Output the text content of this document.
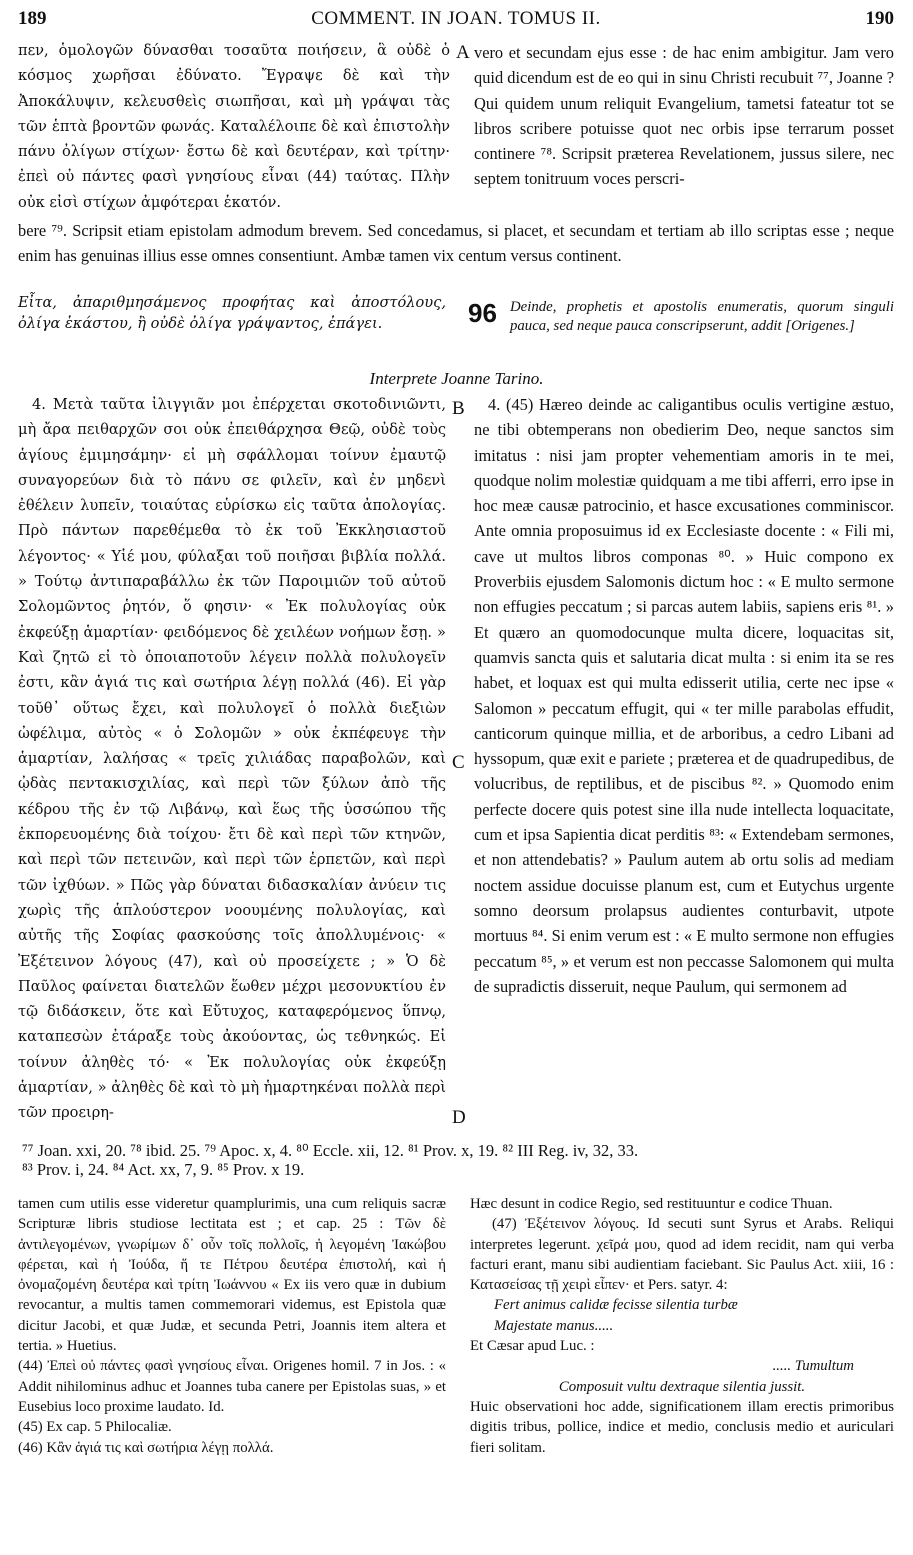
189	COMMENT. IN JOAN. TOMUS II.	190

πεν, ὁμολογῶν δύνασθαι τοσαῦτα ποιήσειν, ἃ οὐδὲ ὁ κόσμος χωρῆσαι ἐδύνατο. Ἔγραψε δὲ καὶ τὴν Ἀποκάλυψιν, κελευσθεὶς σιωπῆσαι, καὶ μὴ γράψαι τὰς τῶν ἑπτὰ βροντῶν φωνάς. Καταλέλοιπε δὲ καὶ ἐπιστολὴν πάνυ ὀλίγων στίχων· ἔστω δὲ καὶ δευτέραν, καὶ τρίτην· ἐπεὶ οὐ πάντες φασὶ γνησίους εἶναι (44) ταύτας. Πλὴν οὐκ εἰσὶ στίχων ἀμφότεραι ἑκατόν.

A vero et secundam ejus esse : de hac enim ambigitur. Jam vero quid dicendum est de eo qui in sinu Christi recubuit ⁷⁷, Joanne ? Qui quidem unum reliquit Evangelium, tametsi fateatur tot se libros scribere potuisse quot nec orbis ipse terrarum posset continere ⁷⁸. Scripsit præterea Revelationem, jussus silere, nec septem tonitruum voces perscri-

bere ⁷⁹. Scripsit etiam epistolam admodum brevem. Sed concedamus, si placet, et secundam et tertiam ab illo scriptas esse ; neque enim has genuinas illius esse omnes consentiunt. Ambæ tamen vix centum versus continent.

Εἶτα, ἀπαριθμησάμενος προφήτας καὶ ἀποστόλους, ὀλίγα ἑκάστου, ἢ οὐδὲ ὀλίγα γράψαντος, ἐπάγει.	96 Deinde, prophetis et apostolis enumeratis, quorum singuli pauca, sed neque pauca conscripserunt, addit [Origenes.]

Interprete Joanne Tarino.

4. Μετὰ ταῦτα ἰλιγγιᾶν μοι ἐπέρχεται σκοτοδινιῶντι, μὴ ἄρα πειθαρχῶν σοι οὐκ ἐπειθάρχησα Θεῷ, οὐδὲ τοὺς ἁγίους ἐμιμησάμην· εἰ μὴ σφάλλομαι τοίνυν ἐμαυτῷ συναγορεύων διὰ τὸ πάνυ σε φιλεῖν, καὶ ἐν μηδενὶ ἐθέλειν λυπεῖν, τοιαύτας εὑρίσκω εἰς ταῦτα ἀπολογίας. Πρὸ πάντων παρεθέμεθα τὸ ἐκ τοῦ Ἐκκλησιαστοῦ λέγοντος· « Υἱέ μου, φύλαξαι τοῦ ποιῆσαι βιβλία πολλά. » Τούτῳ ἀντιπαραβάλλω ἐκ τῶν Παροιμιῶν τοῦ αὐτοῦ Σολομῶντος ῥητόν, ὅ φησιν· « Ἐκ πολυλογίας οὐκ ἐκφεύξῃ ἁμαρτίαν· φειδόμενος δὲ χειλέων νοήμων ἔσῃ. » Καὶ ζητῶ εἰ τὸ ὁποιαποτοῦν λέγειν πολλὰ πολυλογεῖν ἐστι, κἂν ἁγιά τις καὶ σωτήρια λέγῃ πολλά (46). Εἰ γὰρ τοῦθ᾽ οὕτως ἔχει, καὶ πολυλογεῖ ὁ πολλὰ διεξιὼν ὠφέλιμα, αὐτὸς « ὁ Σολομῶν » οὐκ ἐκπέφευγε τὴν ἁμαρτίαν, λαλήσας « τρεῖς χιλιάδας παραβολῶν, καὶ ᾠδὰς πεντακισχιλίας, καὶ περὶ τῶν ξύλων ἀπὸ τῆς κέδρου τῆς ἐν τῷ Λιβάνῳ, καὶ ἕως τῆς ὑσσώπου τῆς ἐκπορευομένης διὰ τοίχου· ἔτι δὲ καὶ περὶ τῶν κτηνῶν, καὶ περὶ τῶν πετεινῶν, καὶ περὶ τῶν ἑρπετῶν, καὶ περὶ τῶν ἰχθύων. » Πῶς γὰρ δύναται διδασκαλίαν ἀνύειν τις χωρὶς τῆς ἁπλούστερον νοουμένης πολυλογίας, καὶ αὐτῆς τῆς Σοφίας φασκούσης τοῖς ἀπολλυμένοις· « Ἐξέτεινον λόγους (47), καὶ οὐ προσείχετε ; » Ὁ δὲ Παῦλος φαίνεται διατελῶν ἕωθεν μέχρι μεσονυκτίου ἐν τῷ διδάσκειν, ὅτε καὶ Εὔτυχος, καταφερόμενος ὕπνῳ, καταπεσὼν ἐτάραξε τοὺς ἀκούοντας, ὡς τεθνηκώς. Εἰ τοίνυν ἀληθὲς τό· « Ἐκ πολυλογίας οὐκ ἐκφεύξῃ ἁμαρτίαν, » ἀληθὲς δὲ καὶ τὸ μὴ ἡμαρτηκέναι πολλὰ περὶ τῶν προειρη-

B
C
D

4. (45) Hæreo deinde ac caligantibus oculis vertigine æstuo, ne tibi obtemperans non obedierim Deo, neque sanctos sim imitatus : nisi jam propter vehementiam amoris in te mei, quodque nolim molestiæ quidquam a me tibi afferri, erro ipse in hoc meæ causæ patrocinio, et hasce excusationes comminiscor. Ante omnia proposuimus id ex Ecclesiaste docente : « Fili mi, cave ut multos libros componas ⁸⁰. » Huic compono ex Proverbiis ejusdem Salomonis dictum hoc : « E multo sermone non effugies peccatum ; si parcas autem labiis, sapiens eris ⁸¹. » Et quæro an quomodocunque multa dicere, loquacitas sit, quamvis sancta quis et salutaria dicat multa : si enim ita se res habet, et loquax est qui multa edisserit utilia, certe nec ipse « Salomon » peccatum effugit, qui « ter mille parabolas effudit, canticorum quinque millia, et de arboribus, a cedro Libani ad hyssopum, quæ exit e pariete ; præterea et de quadrupedibus, de volucribus, de reptilibus, et de piscibus ⁸². » Quomodo enim perfecte docere quis potest sine illa nude intellecta loquacitate, cum et ipsa Sapientia dicat perditis ⁸³: « Extendebam sermones, et non attendebatis? » Paulum autem ab ortu solis ad mediam noctem assidue docuisse planum est, cum et Eutychus urgente somno deorsum prolapsus audientes conturbavit, utpote mortuus ⁸⁴. Si enim verum est : « E multo sermone non effugies peccatum ⁸⁵, » et verum est non peccasse Salomonem qui multa de supradictis disseruit, neque Paulum, qui sermonem ad

⁷⁷ Joan. xxi, 20. ⁷⁸ ibid. 25. ⁷⁹ Apoc. x, 4. ⁸⁰ Eccle. xii, 12. ⁸¹ Prov. x, 19. ⁸² III Reg. iv, 32, 33.
⁸³ Prov. i, 24. ⁸⁴ Act. xx, 7, 9. ⁸⁵ Prov. x 19.

tamen cum utilis esse videretur quamplurimis, una cum reliquis sacræ Scripturæ libris studiose lectitata est ; et cap. 25 : Τῶν δὲ ἀντιλεγομένων, γνωρίμων δ᾽ οὖν τοῖς πολλοῖς, ἡ λεγομένη Ἰακώβου φέρεται, καὶ ἡ Ἰούδα, ἥ τε Πέτρου δευτέρα ἐπιστολή, καὶ ἡ ὀνομαζομένη δευτέρα καὶ τρίτη Ἰωάννου « Ex iis vero quæ in dubium revocantur, a multis tamen commemorari videmus, est Epistola quæ dicitur Jacobi, et quæ Judæ, et secunda Petri, Joannis item altera et tertia. » Huetius.

(44) Ἐπεὶ οὐ πάντες φασὶ γνησίους εἶναι. Origenes homil. 7 in Jos. : « Addit nihilominus adhuc et Joannes tuba canere per Epistolas suas, » et Eusebius loco proxime laudato. Id.

(45) Ex cap. 5 Philocaliæ.

(46) Κἂν ἁγιά τις καὶ σωτήρια λέγῃ πολλά.

Hæc desunt in codice Regio, sed restituuntur e codice Thuan.

(47) Ἐξέτεινον λόγους. Id secuti sunt Syrus et Arabs. Reliqui interpretes legerunt. χεῖρά μου, quod ad idem recidit, nam qui verba facturi erant, manu sibi audientiam faciebant. Sic Paulus Act. xiii, 16 : Κατασείσας τῇ χειρὶ εἶπεν· et Pers. satyr. 4:

Fert animus calidæ fecisse silentia turbæ

Majestate manus.....

Et Cæsar apud Luc. :

..... Tumultum

Composuit vultu dextraque silentia jussit.

Huic observationi hoc adde, significationem illam erectis primoribus digitis tribus, pollice, indice et medio, conclusis medio et auriculari fieri solitam.
